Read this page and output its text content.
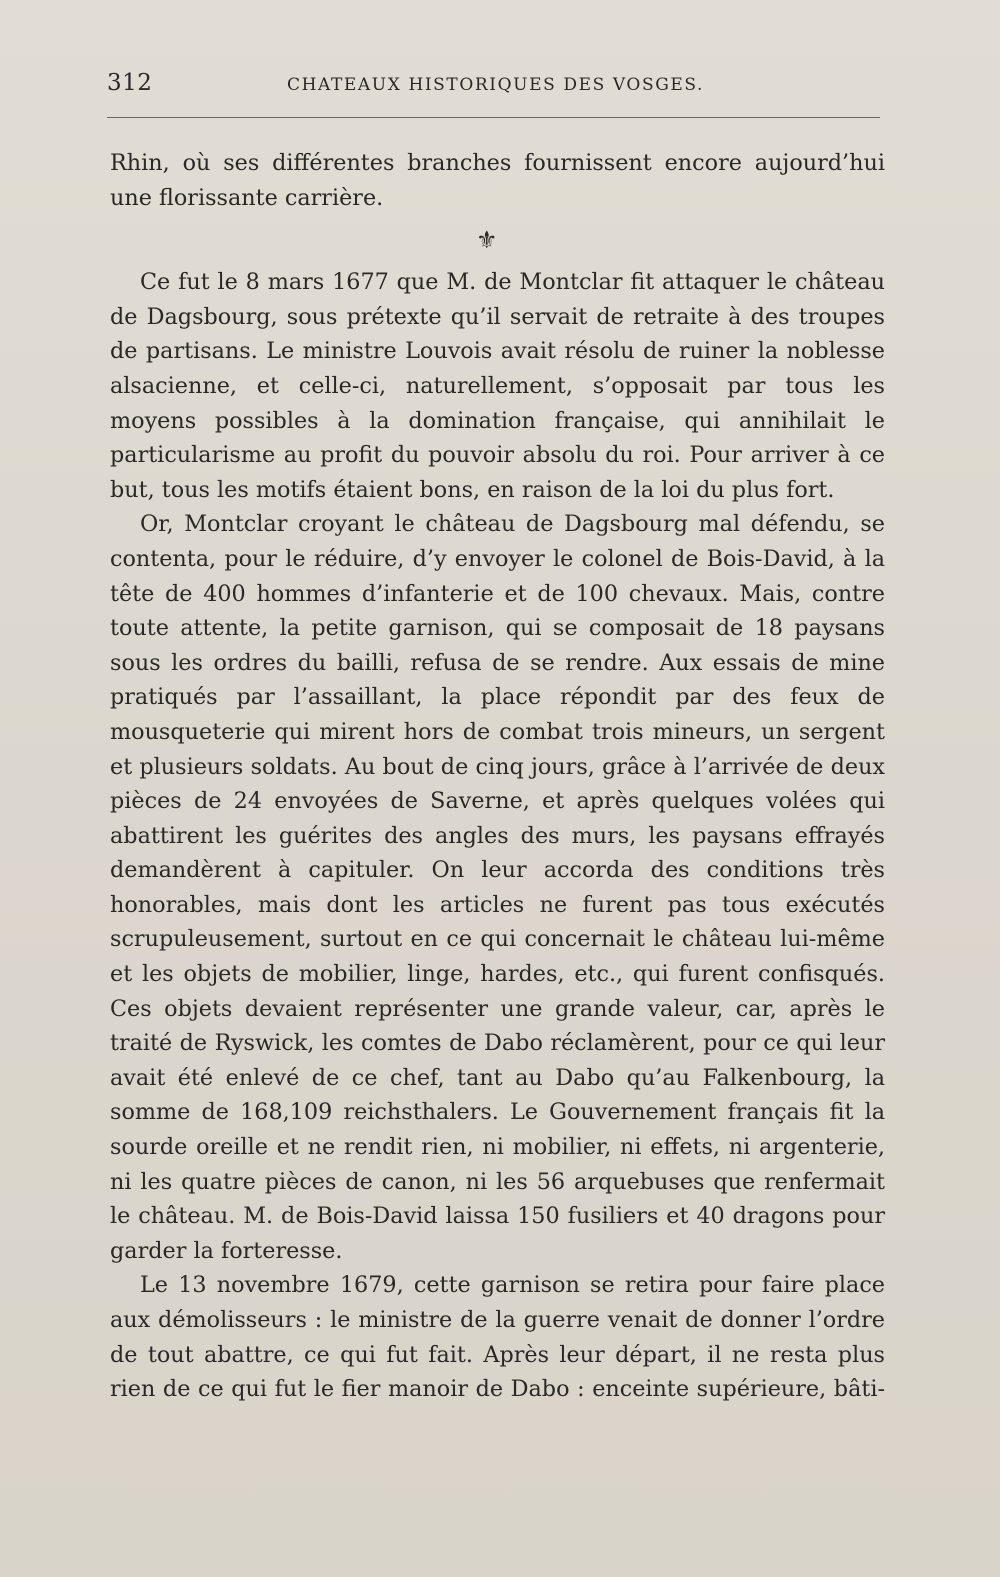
312	CHATEAUX HISTORIQUES DES VOSGES.

Rhin, où ses différentes branches fournissent encore aujourd’hui une florissante carrière.

⚜

Ce fut le 8 mars 1677 que M. de Montclar fit attaquer le château de Dagsbourg, sous prétexte qu’il servait de retraite à des troupes de partisans. Le ministre Louvois avait résolu de ruiner la noblesse alsacienne, et celle-ci, naturellement, s’opposait par tous les moyens possibles à la domination française, qui annihilait le particularisme au profit du pouvoir absolu du roi. Pour arriver à ce but, tous les motifs étaient bons, en raison de la loi du plus fort.

Or, Montclar croyant le château de Dagsbourg mal défendu, se contenta, pour le réduire, d’y envoyer le colonel de Bois-David, à la tête de 400 hommes d’infanterie et de 100 chevaux. Mais, contre toute attente, la petite garnison, qui se composait de 18 paysans sous les ordres du bailli, refusa de se rendre. Aux essais de mine pratiqués par l’assaillant, la place répondit par des feux de mousqueterie qui mirent hors de combat trois mineurs, un sergent et plusieurs soldats. Au bout de cinq jours, grâce à l’arrivée de deux pièces de 24 envoyées de Saverne, et après quelques volées qui abattirent les guérites des angles des murs, les paysans effrayés demandèrent à capituler. On leur accorda des conditions très honorables, mais dont les articles ne furent pas tous exécutés scrupuleusement, surtout en ce qui concernait le château lui-même et les objets de mobilier, linge, hardes, etc., qui furent confisqués. Ces objets devaient représenter une grande valeur, car, après le traité de Ryswick, les comtes de Dabo réclamèrent, pour ce qui leur avait été enlevé de ce chef, tant au Dabo qu’au Falkenbourg, la somme de 168,109 reichsthalers. Le Gouvernement français fit la sourde oreille et ne rendit rien, ni mobilier, ni effets, ni argenterie, ni les quatre pièces de canon, ni les 56 arquebuses que renfermait le château. M. de Bois-David laissa 150 fusiliers et 40 dragons pour garder la forteresse.

Le 13 novembre 1679, cette garnison se retira pour faire place aux démolisseurs : le ministre de la guerre venait de donner l’ordre de tout abattre, ce qui fut fait. Après leur départ, il ne resta plus rien de ce qui fut le fier manoir de Dabo : enceinte supérieure, bâti-
